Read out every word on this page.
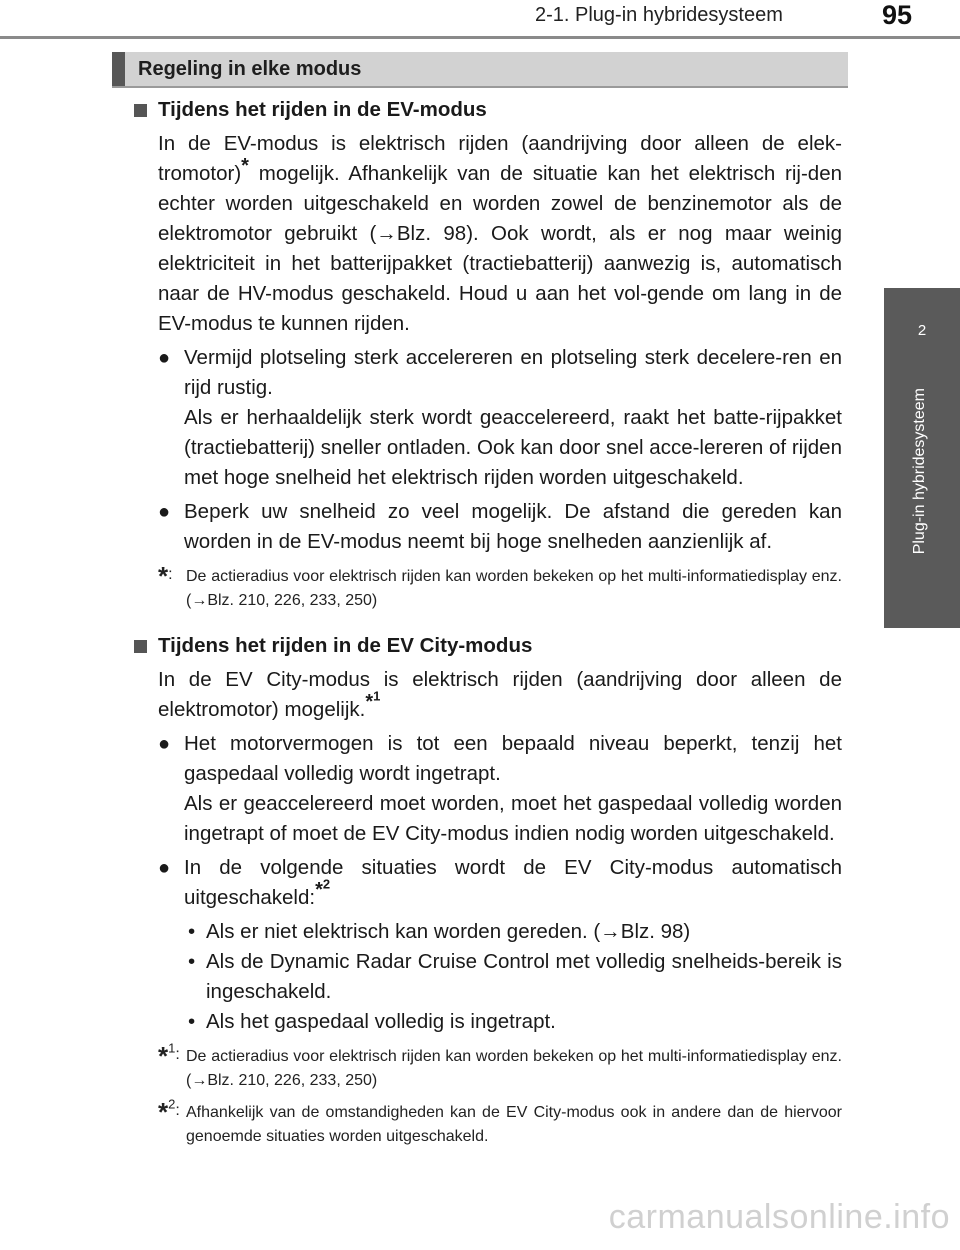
2-1. Plug-in hybridesysteem	95
2
Plug-in hybridesysteem
Regeling in elke modus
Tijdens het rijden in de EV-modus
In de EV-modus is elektrisch rijden (aandrijving door alleen de elek-tromotor)* mogelijk. Afhankelijk van de situatie kan het elektrisch rij-den echter worden uitgeschakeld en worden zowel de benzinemotor als de elektromotor gebruikt (→Blz. 98). Ook wordt, als er nog maar weinig elektriciteit in het batterijpakket (tractiebatterij) aanwezig is, automatisch naar de HV-modus geschakeld. Houd u aan het vol-gende om lang in de EV-modus te kunnen rijden.
● Vermijd plotseling sterk accelereren en plotseling sterk decelere-ren en rijd rustig.
Als er herhaaldelijk sterk wordt geaccelereerd, raakt het batte-rijpakket (tractiebatterij) sneller ontladen. Ook kan door snel acce-lereren of rijden met hoge snelheid het elektrisch rijden worden uitgeschakeld.
● Beperk uw snelheid zo veel mogelijk. De afstand die gereden kan worden in de EV-modus neemt bij hoge snelheden aanzienlijk af.
*: De actieradius voor elektrisch rijden kan worden bekeken op het multi-informatiedisplay enz. (→Blz. 210, 226, 233, 250)
Tijdens het rijden in de EV City-modus
In de EV City-modus is elektrisch rijden (aandrijving door alleen de elektromotor) mogelijk.$^{*^1}$
● Het motorvermogen is tot een bepaald niveau beperkt, tenzij het gaspedaal volledig wordt ingetrapt.
Als er geaccelereerd moet worden, moet het gaspedaal volledig worden ingetrapt of moet de EV City-modus indien nodig worden uitgeschakeld.
● In de volgende situaties wordt de EV City-modus automatisch uitgeschakeld:$^{*^2}$
• Als er niet elektrisch kan worden gereden. (→Blz. 98)
• Als de Dynamic Radar Cruise Control met volledig snelheids-bereik is ingeschakeld.
• Als het gaspedaal volledig is ingetrapt.
*$^1$: De actieradius voor elektrisch rijden kan worden bekeken op het multi-informatiedisplay enz. (→Blz. 210, 226, 233, 250)
*$^2$: Afhankelijk van de omstandigheden kan de EV City-modus ook in andere dan de hiervoor genoemde situaties worden uitgeschakeld.
carmanualsonline.info
